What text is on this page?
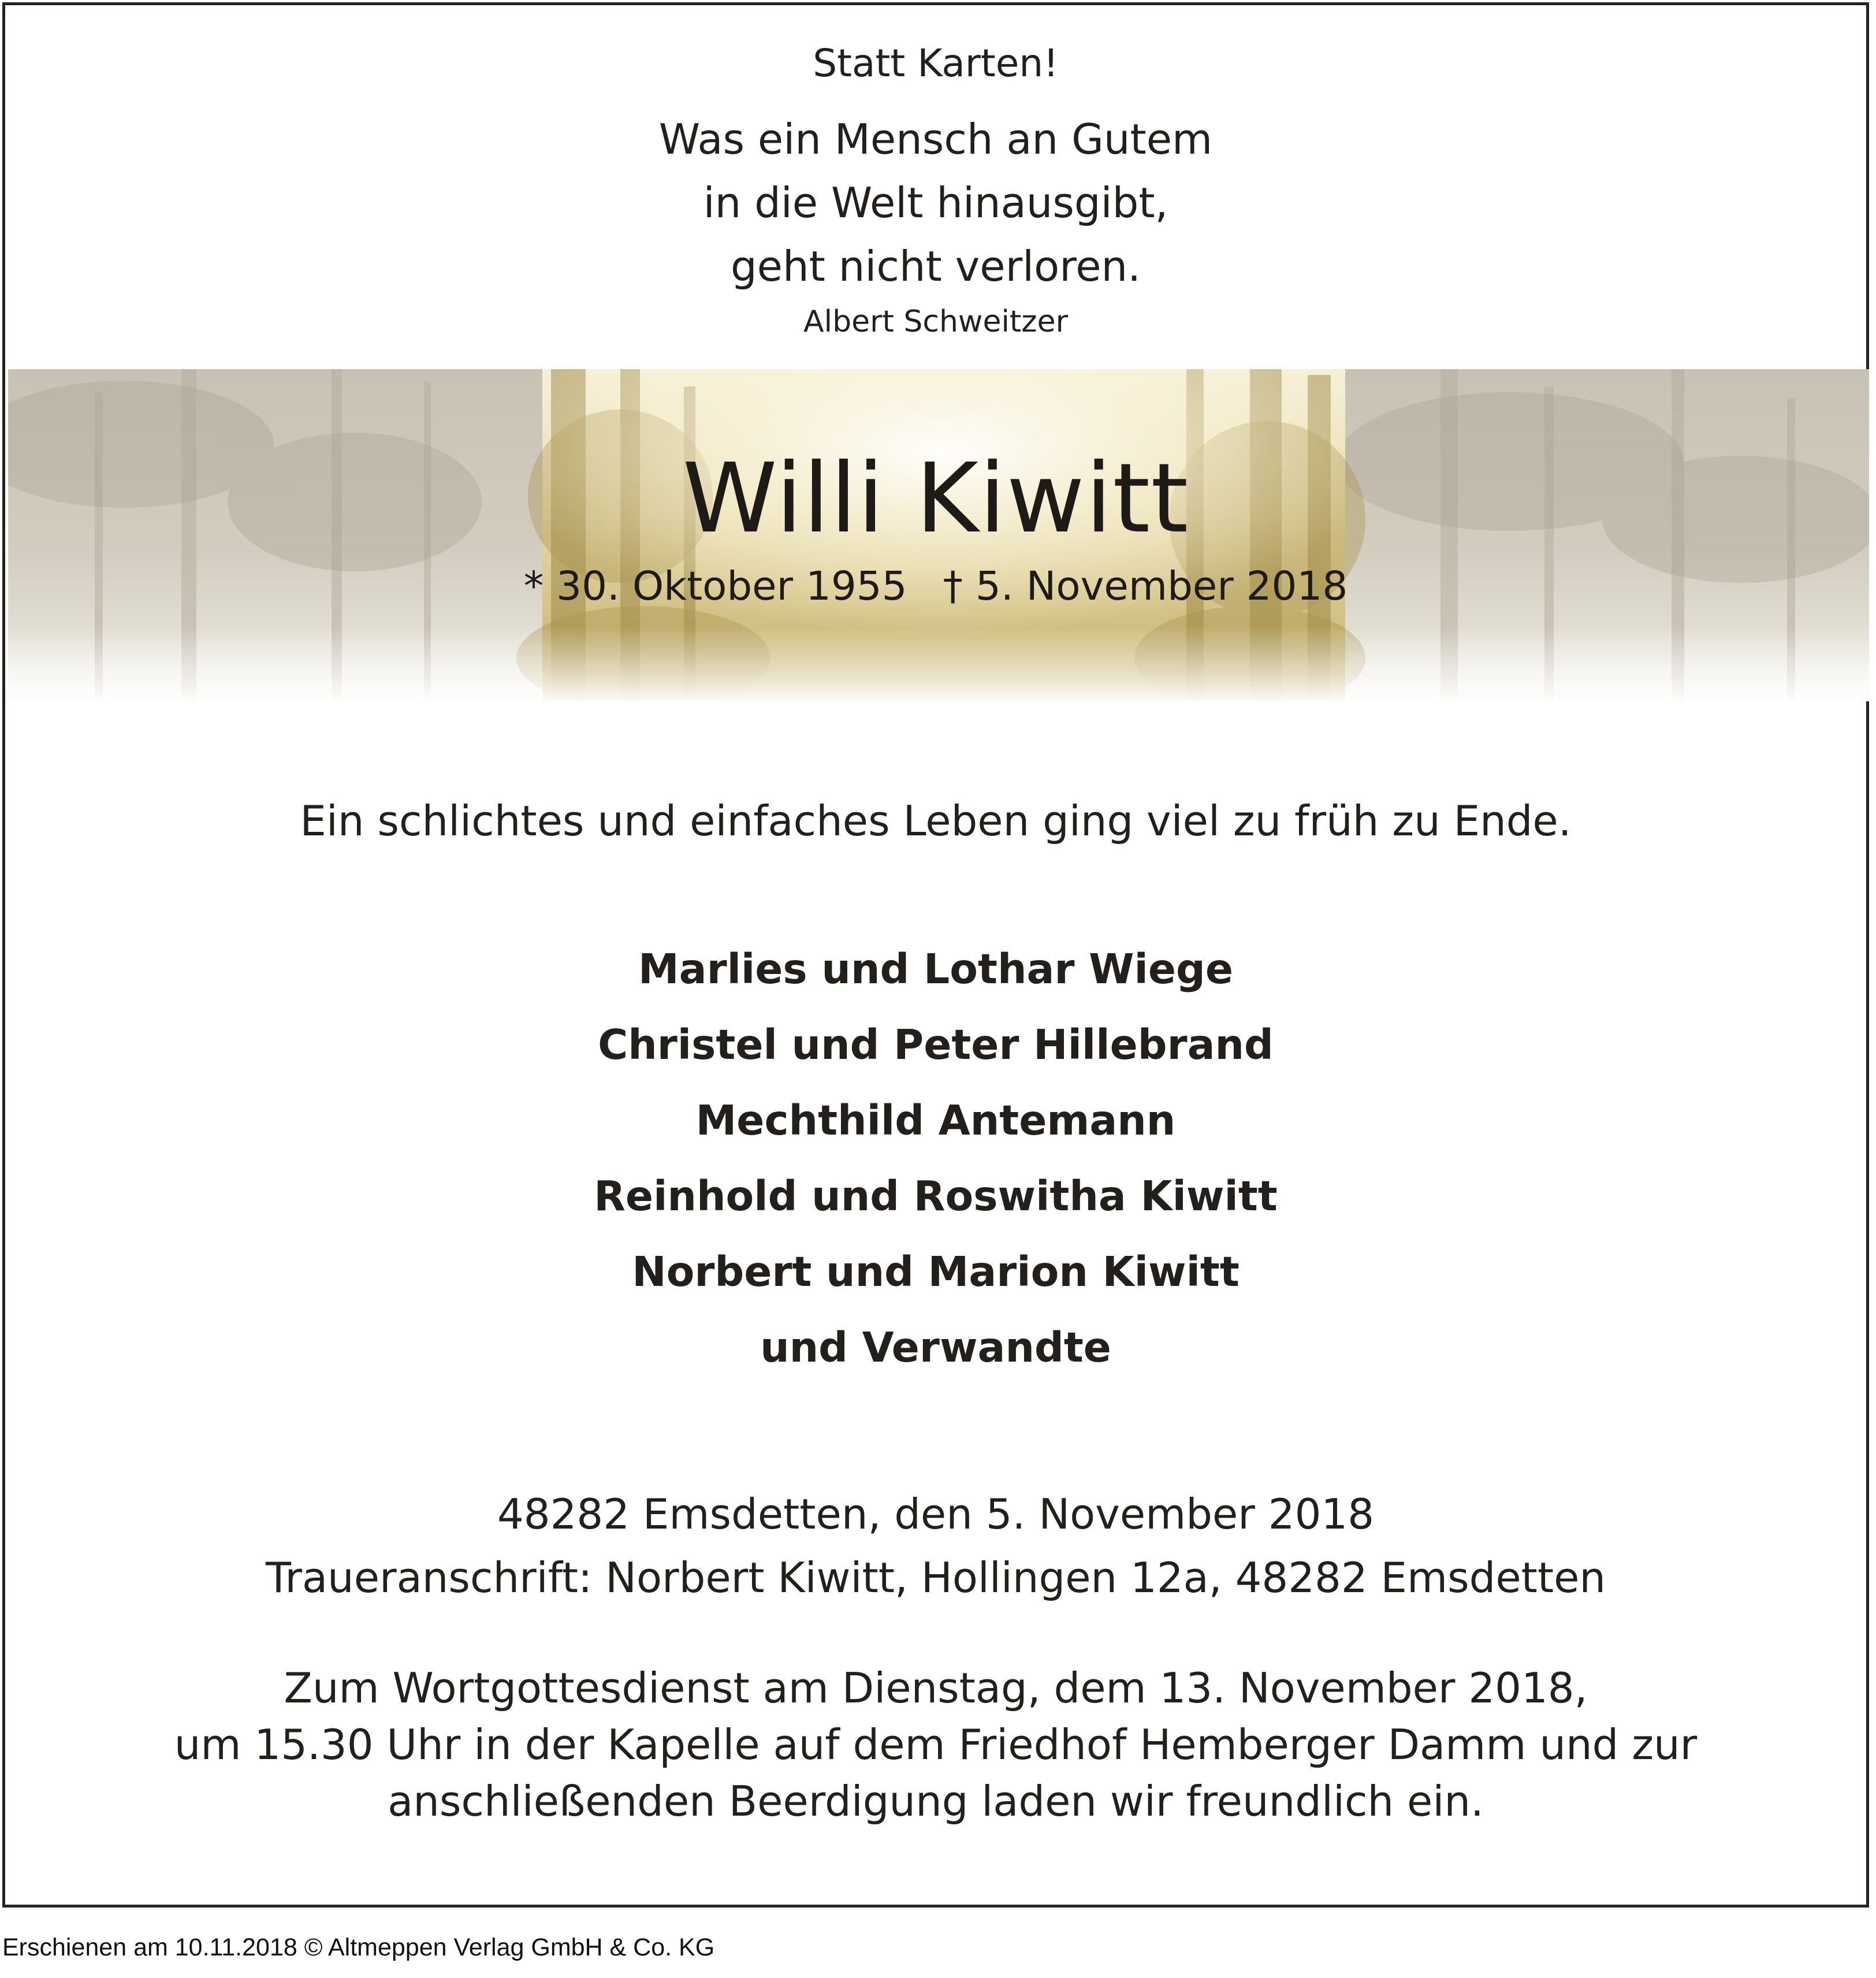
Statt Karten!
Was ein Mensch an Gutem
in die Welt hinausgibt,
geht nicht verloren.
Albert Schweitzer
Willi Kiwitt
* 30. Oktober 1955 † 5. November 2018
Ein schlichtes und einfaches Leben ging viel zu früh zu Ende.
Marlies und Lothar Wiege
Christel und Peter Hillebrand
Mechthild Antemann
Reinhold und Roswitha Kiwitt
Norbert und Marion Kiwitt
und Verwandte
48282 Emsdetten, den 5. November 2018
Traueranschrift: Norbert Kiwitt, Hollingen 12a, 48282 Emsdetten
Zum Wortgottesdienst am Dienstag, dem 13. November 2018,
um 15.30 Uhr in der Kapelle auf dem Friedhof Hemberger Damm und zur
anschließenden Beerdigung laden wir freundlich ein.
Erschienen am 10.11.2018 © Altmeppen Verlag GmbH & Co. KG
